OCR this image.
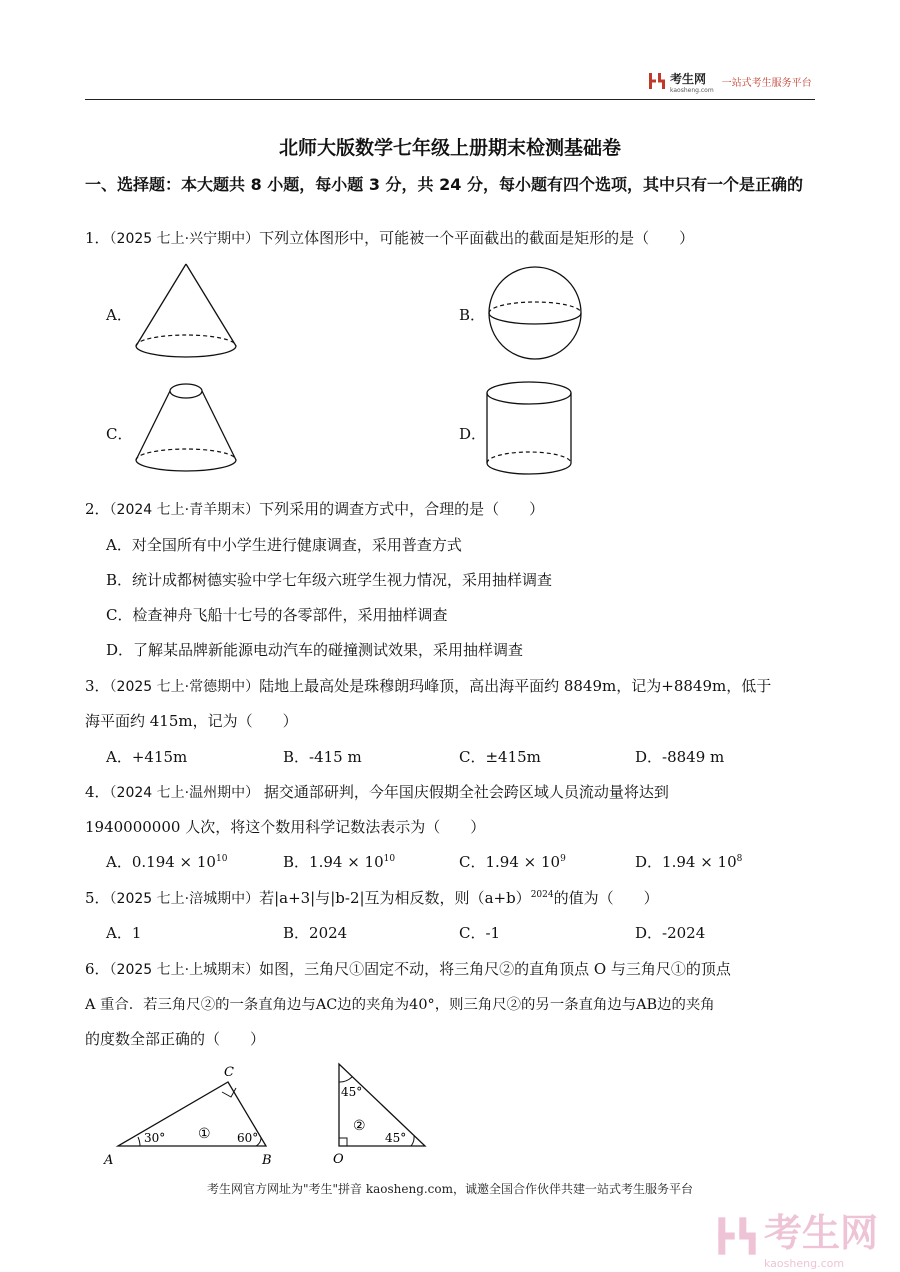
考生网
kaosheng.com
一站式考生服务平台
北师大版数学七年级上册期末检测基础卷
一、选择题：本大题共 8 小题，每小题 3 分，共 24 分，每小题有四个选项，其中只有一个是正确的
1．（2025 七上·兴宁期中）下列立体图形中，可能被一个平面截出的截面是矩形的是（　　）
A．	B．
C．	D．
2．（2024 七上·青羊期末）下列采用的调查方式中，合理的是（　　）
A．对全国所有中小学生进行健康调查，采用普查方式
B．统计成都树德实验中学七年级六班学生视力情况，采用抽样调查
C．检查神舟飞船十七号的各零部件，采用抽样调查
D．了解某品牌新能源电动汽车的碰撞测试效果，采用抽样调查
3．（2025 七上·常德期中）陆地上最高处是珠穆朗玛峰顶，高出海平面约 8849m，记为+8849m，低于
海平面约 415m，记为（　　）
A．+415m	B．-415 m	C．±415m	D．-8849 m
4．（2024 七上·温州期中） 据交通部研判，今年国庆假期全社会跨区域人员流动量将达到
1940000000 人次，将这个数用科学记数法表示为（　　）
A．$0.194 \times 10^{10}$	B．$1.94 \times 10^{10}$	C．$1.94 \times 10^9$	D．$1.94 \times 10^8$
5．（2025 七上·涪城期中）若|a+3|与|b-2|互为相反数，则$(a+b)^{2024}$的值为（　　）
A．1	B．2024	C．-1	D．-2024
6．（2025 七上·上城期末）如图，三角尺①固定不动，将三角尺②的直角顶点 O 与三角尺①的顶点
A 重合．若三角尺②的一条直角边与AC边的夹角为40°，则三角尺②的另一条直角边与AB边的夹角
的度数全部正确的（　　）
A	B
C
30°	60°
①
45°
45°
②
O
考生网官方网址为"考生"拼音 kaosheng.com，诚邀全国合作伙伴共建一站式考生服务平台
考生网
kaosheng.com
